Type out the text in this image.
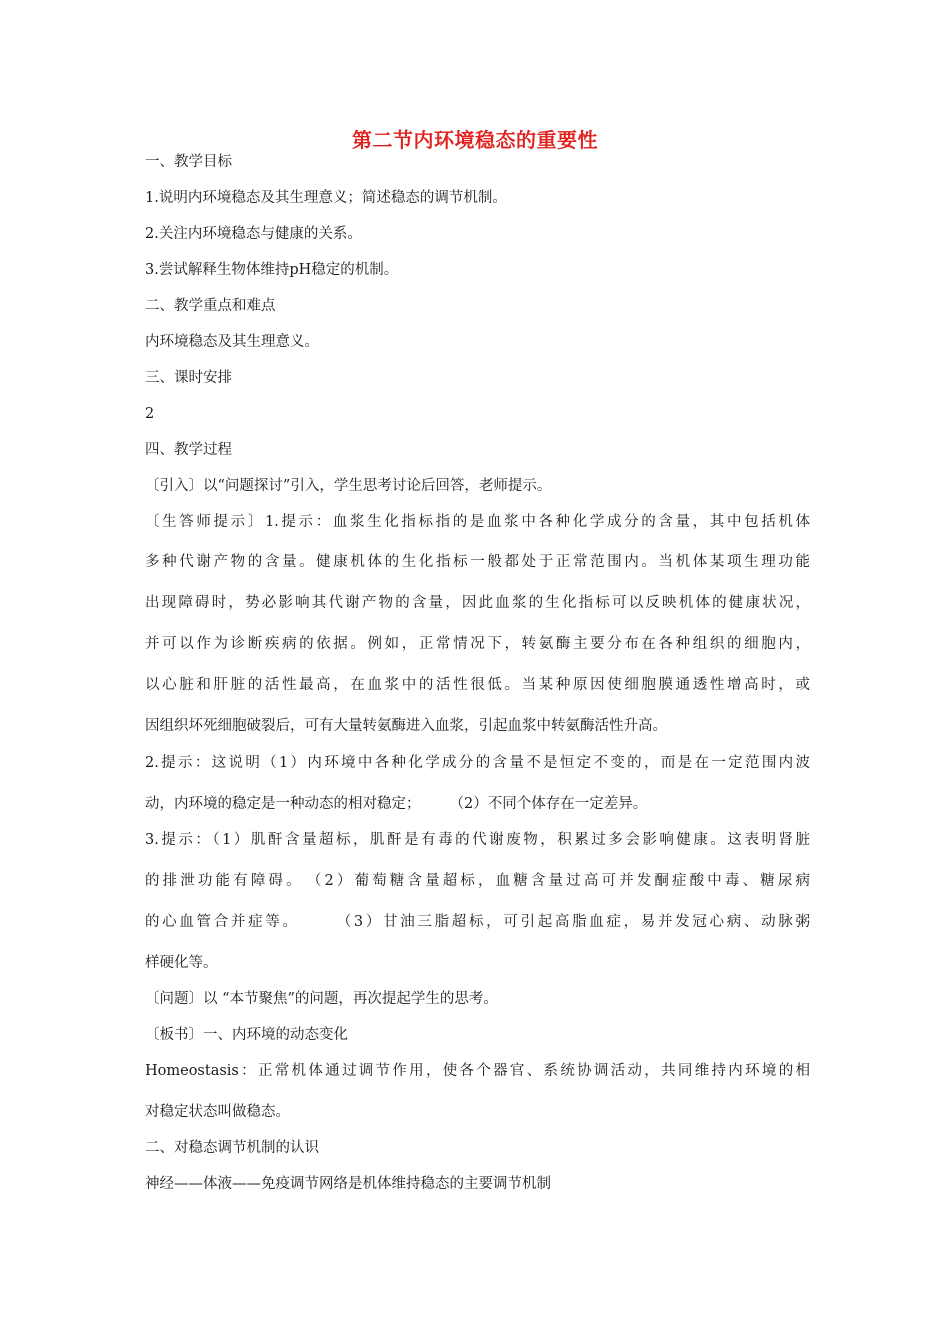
第二节内环境稳态的重要性
一、教学目标
1.说明内环境稳态及其生理意义；简述稳态的调节机制。
2.关注内环境稳态与健康的关系。
3.尝试解释生物体维持pH稳定的机制。
二、教学重点和难点
内环境稳态及其生理意义。
三、课时安排
2
四、教学过程
〔引入〕以“问题探讨”引入，学生思考讨论后回答，老师提示。
〔生答师提示〕1.提示：血浆生化指标指的是血浆中各种化学成分的含量，其中包括机体
多种代谢产物的含量。健康机体的生化指标一般都处于正常范围内。当机体某项生理功能
出现障碍时，势必影响其代谢产物的含量，因此血浆的生化指标可以反映机体的健康状况，
并可以作为诊断疾病的依据。例如，正常情况下，转氨酶主要分布在各种组织的细胞内，
以心脏和肝脏的活性最高，在血浆中的活性很低。当某种原因使细胞膜通透性增高时，或
因组织坏死细胞破裂后，可有大量转氨酶进入血浆，引起血浆中转氨酶活性升高。
2.提示：这说明（1）内环境中各种化学成分的含量不是恒定不变的，而是在一定范围内波
动，内环境的稳定是一种动态的相对稳定；　　　（2）不同个体存在一定差异。
3.提示：（1）肌酐含量超标，肌酐是有毒的代谢废物，积累过多会影响健康。这表明肾脏
的排泄功能有障碍。　（2）葡萄糖含量超标，血糖含量过高可并发酮症酸中毒、糖尿病
的心血管合并症等。　　　（3）甘油三脂超标，可引起高脂血症，易并发冠心病、动脉粥
样硬化等。
〔问题〕以 “本节聚焦”的问题，再次提起学生的思考。
〔板书〕一、内环境的动态变化
Homeostasis：正常机体通过调节作用，使各个器官、系统协调活动，共同维持内环境的相
对稳定状态叫做稳态。
二、对稳态调节机制的认识
神经——体液——免疫调节网络是机体维持稳态的主要调节机制
